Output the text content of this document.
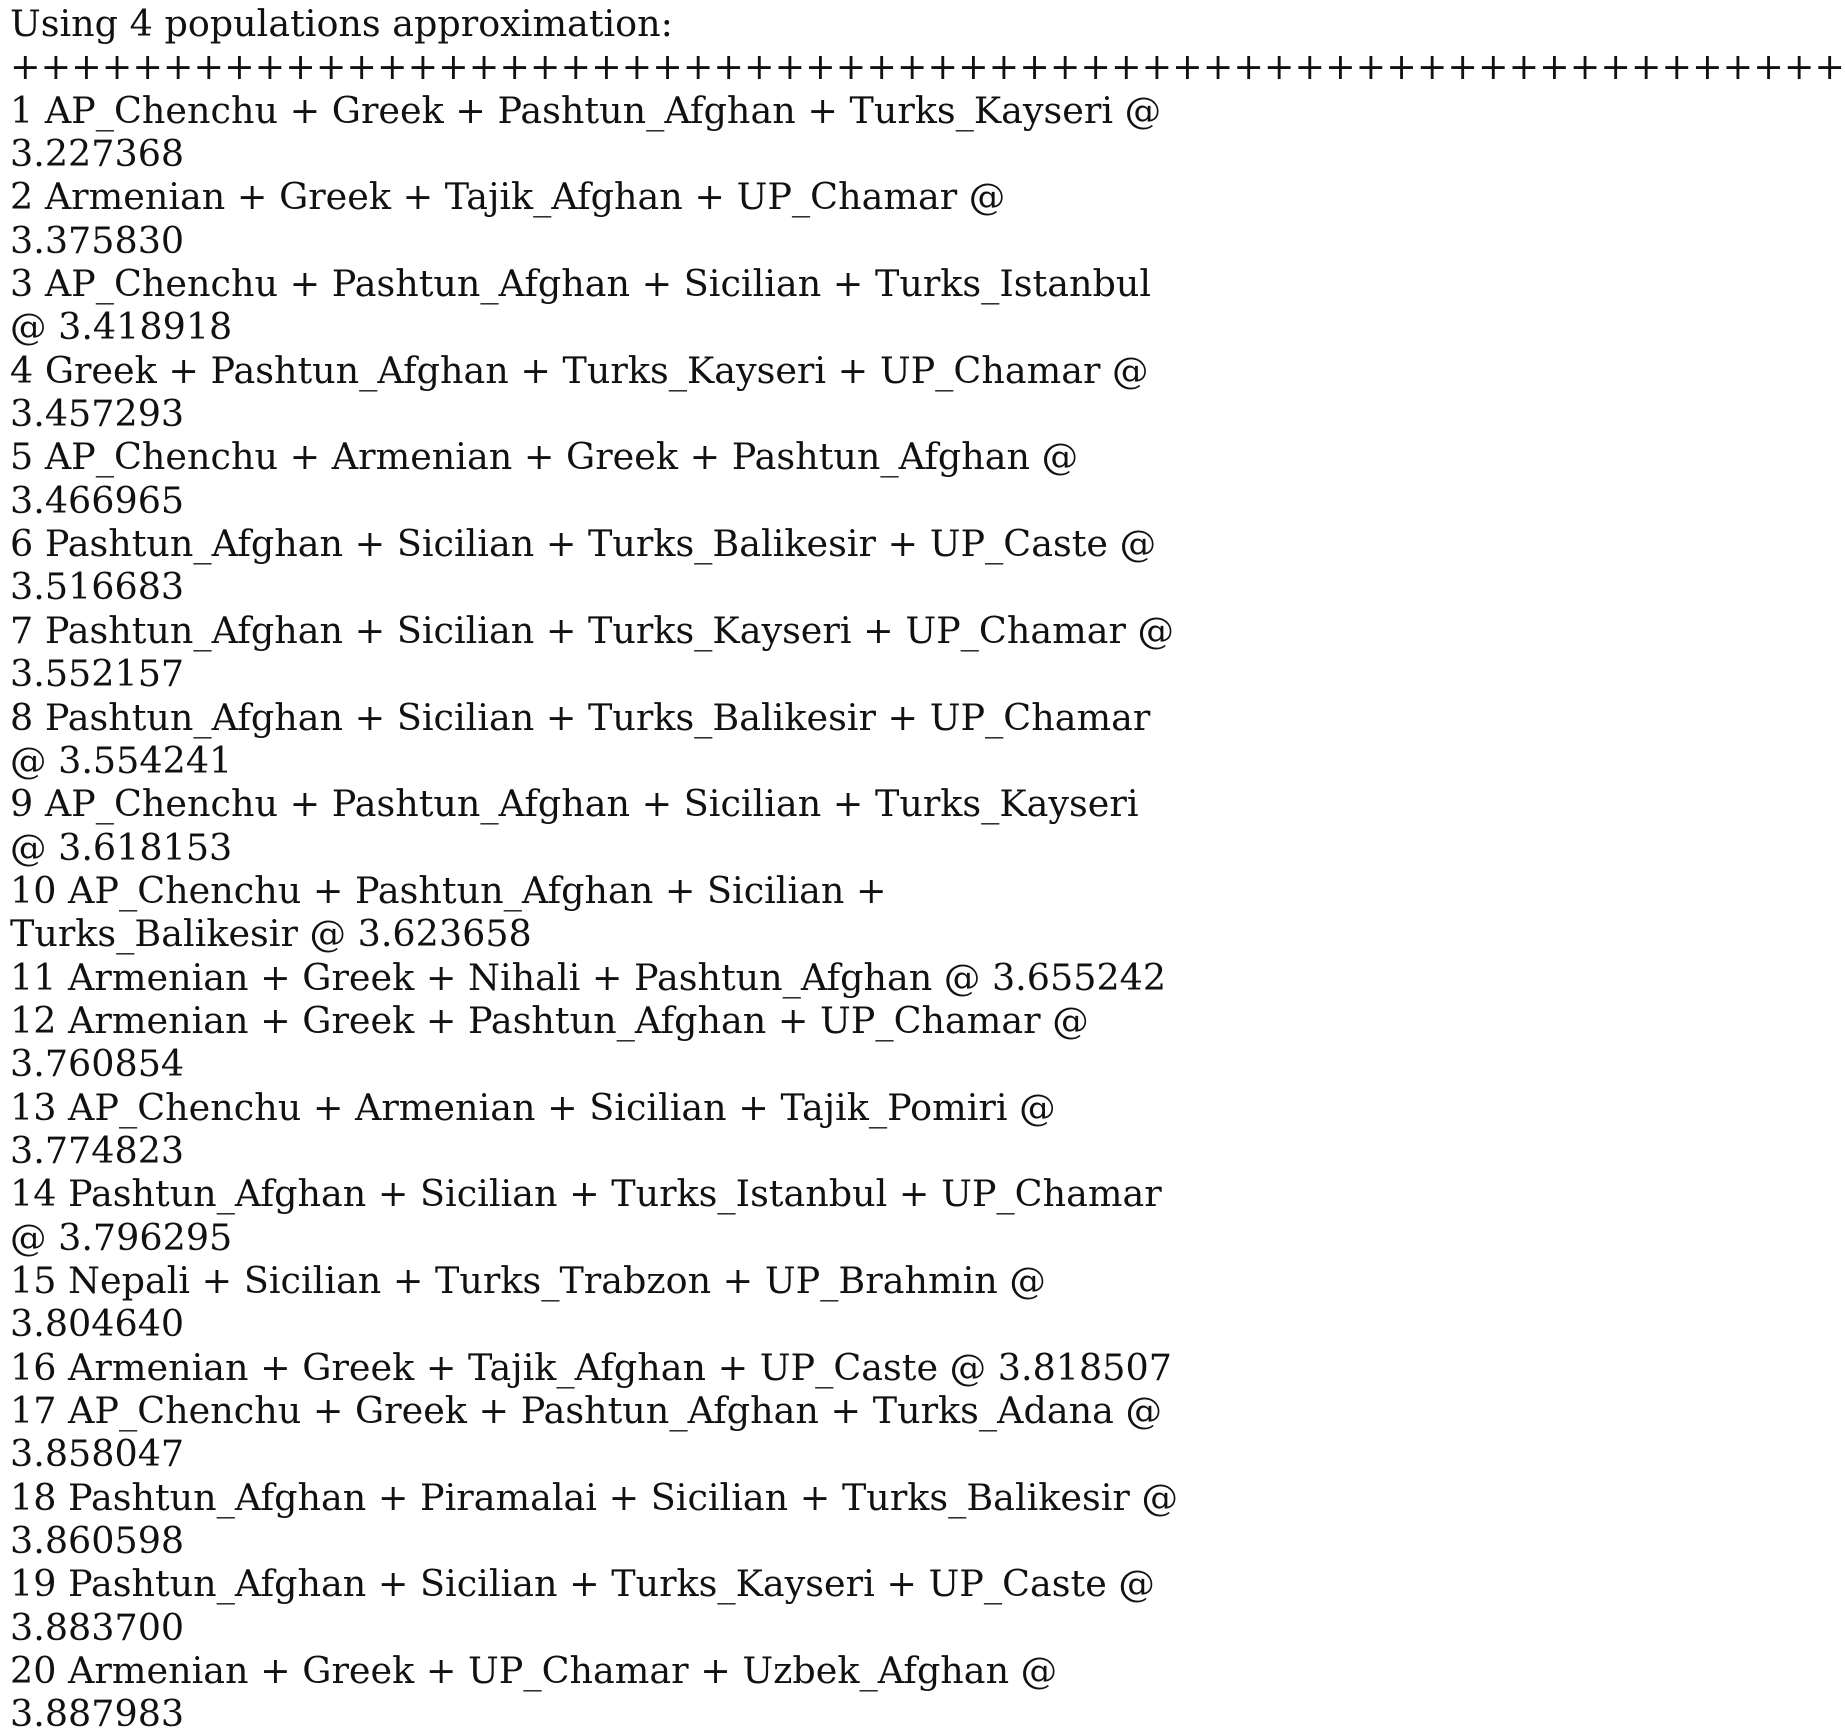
Using 4 populations approximation:
++++++++++++++++++++++++++++++++++++++++++++++++++++++++++++
1 AP_Chenchu + Greek + Pashtun_Afghan + Turks_Kayseri @ 3.227368
2 Armenian + Greek + Tajik_Afghan + UP_Chamar @ 3.375830
3 AP_Chenchu + Pashtun_Afghan + Sicilian + Turks_Istanbul @ 3.418918
4 Greek + Pashtun_Afghan + Turks_Kayseri + UP_Chamar @ 3.457293
5 AP_Chenchu + Armenian + Greek + Pashtun_Afghan @ 3.466965
6 Pashtun_Afghan + Sicilian + Turks_Balikesir + UP_Caste @ 3.516683
7 Pashtun_Afghan + Sicilian + Turks_Kayseri + UP_Chamar @ 3.552157
8 Pashtun_Afghan + Sicilian + Turks_Balikesir + UP_Chamar @ 3.554241
9 AP_Chenchu + Pashtun_Afghan + Sicilian + Turks_Kayseri @ 3.618153
10 AP_Chenchu + Pashtun_Afghan + Sicilian + Turks_Balikesir @ 3.623658
11 Armenian + Greek + Nihali + Pashtun_Afghan @ 3.655242
12 Armenian + Greek + Pashtun_Afghan + UP_Chamar @ 3.760854
13 AP_Chenchu + Armenian + Sicilian + Tajik_Pomiri @ 3.774823
14 Pashtun_Afghan + Sicilian + Turks_Istanbul + UP_Chamar @ 3.796295
15 Nepali + Sicilian + Turks_Trabzon + UP_Brahmin @ 3.804640
16 Armenian + Greek + Tajik_Afghan + UP_Caste @ 3.818507
17 AP_Chenchu + Greek + Pashtun_Afghan + Turks_Adana @ 3.858047
18 Pashtun_Afghan + Piramalai + Sicilian + Turks_Balikesir @ 3.860598
19 Pashtun_Afghan + Sicilian + Turks_Kayseri + UP_Caste @ 3.883700
20 Armenian + Greek + UP_Chamar + Uzbek_Afghan @ 3.887983
